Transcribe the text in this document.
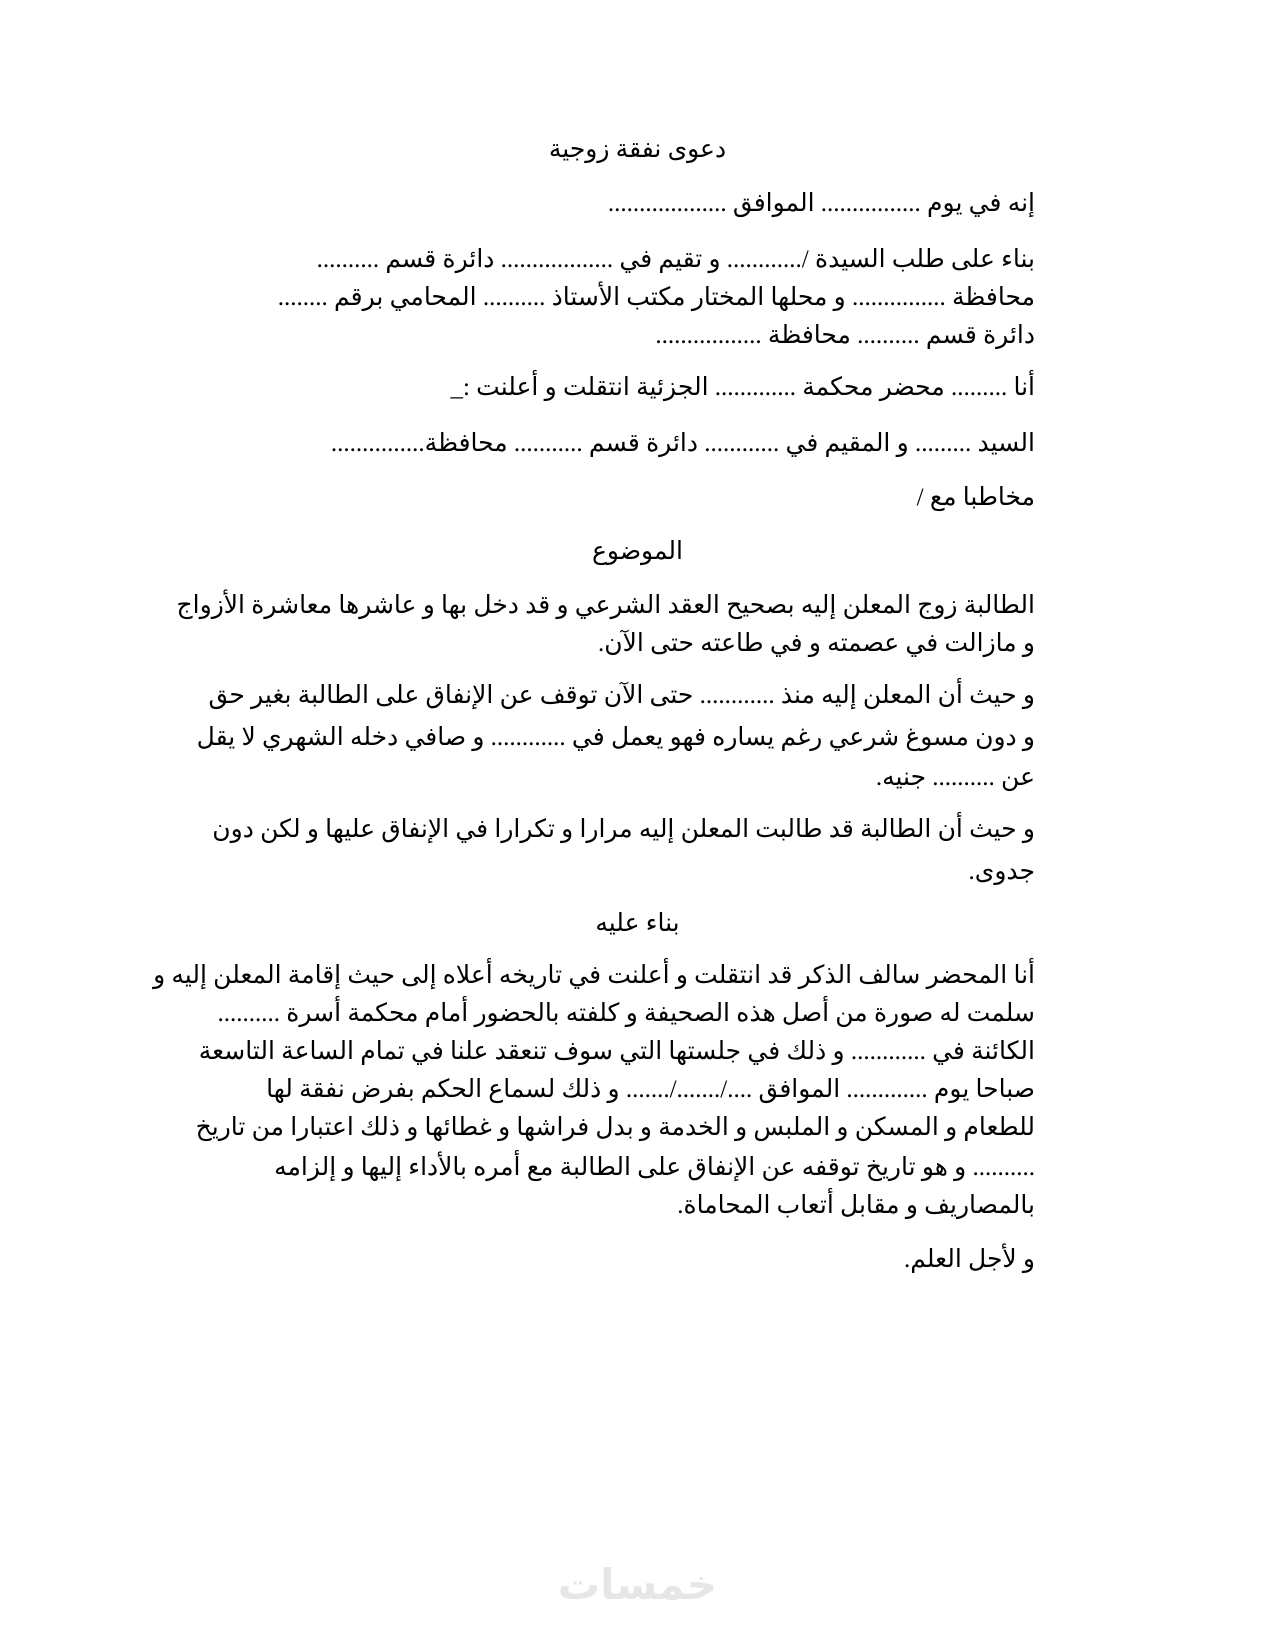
دعوى نفقة زوجية
إنه في يوم ................ الموافق ...................
بناء على طلب السيدة /............ و تقيم في .................. دائرة قسم ..........
محافظة ............... و محلها المختار مكتب الأستاذ .......... المحامي برقم ........
دائرة قسم .......... محافظة .................
أنا ......... محضر محكمة ............. الجزئية انتقلت و أعلنت :_
السيد ......... و المقيم في ............ دائرة قسم ........... محافظة...............
مخاطبا مع /
الموضوع
الطالبة زوج المعلن إليه بصحيح العقد الشرعي و قد دخل بها و عاشرها معاشرة الأزواج
و مازالت في عصمته و في طاعته حتى الآن.
و حيث أن المعلن إليه منذ ............ حتى الآن توقف عن الإنفاق على الطالبة بغير حق
و دون مسوغ شرعي رغم يساره فهو يعمل في ............ و صافي دخله الشهري لا يقل
عن .......... جنيه.
و حيث أن الطالبة قد طالبت المعلن إليه مرارا و تكرارا في الإنفاق عليها و لكن دون
جدوى.
بناء عليه
أنا المحضر سالف الذكر قد انتقلت و أعلنت في تاريخه أعلاه إلى حيث إقامة المعلن إليه و
سلمت له صورة من أصل هذه الصحيفة و كلفته بالحضور أمام محكمة أسرة ..........
الكائنة في ............ و ذلك في جلستها التي سوف تنعقد علنا في تمام الساعة التاسعة
صباحا يوم ............. الموافق ..../......./....... و ذلك لسماع الحكم بفرض نفقة لها
للطعام و المسكن و الملبس و الخدمة و بدل فراشها و غطائها و ذلك اعتبارا من تاريخ
.......... و هو تاريخ توقفه عن الإنفاق على الطالبة مع أمره بالأداء إليها و إلزامه
بالمصاريف و مقابل أتعاب المحاماة.
و لأجل العلم.
خمسات
